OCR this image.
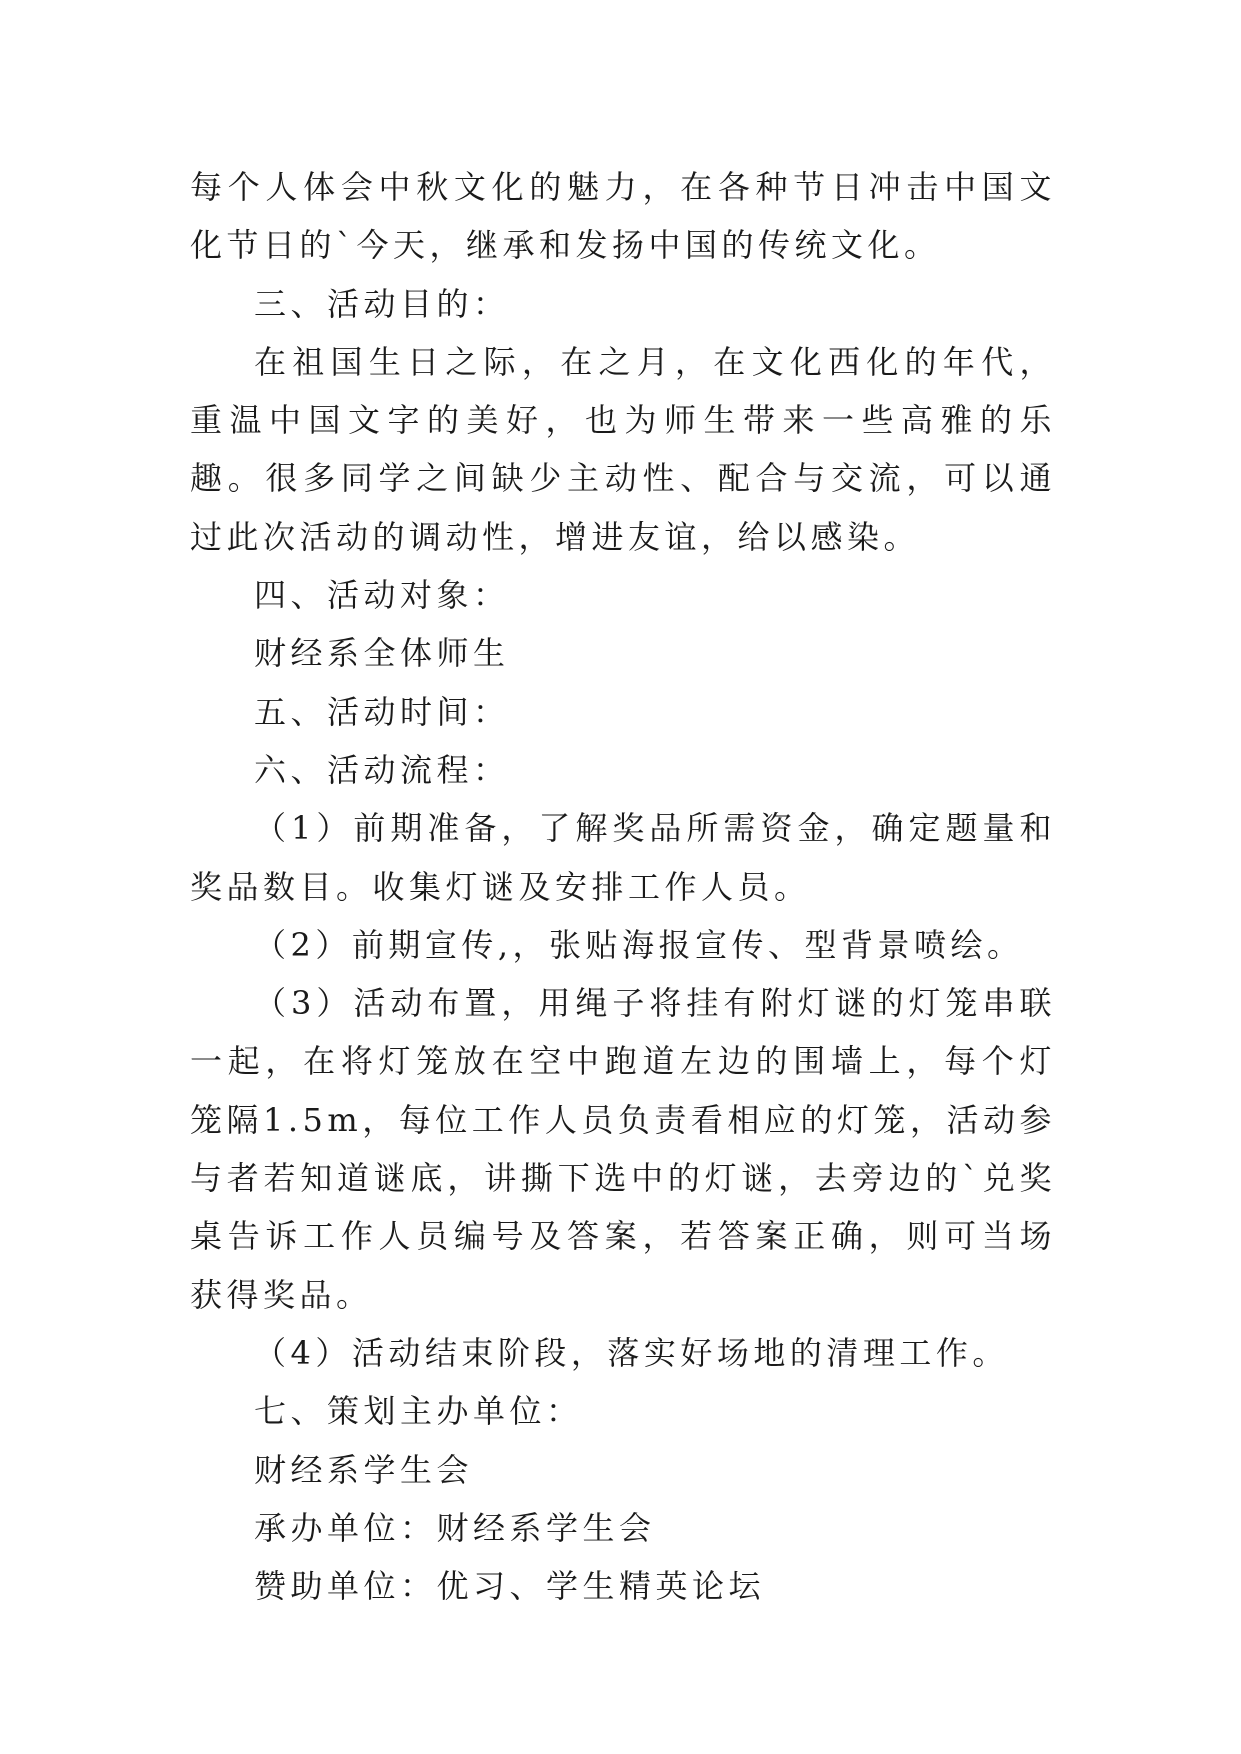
每个人体会中秋文化的魅力，在各种节日冲击中国文化节日的`今天，继承和发扬中国的传统文化。

三、活动目的：

在祖国生日之际，在之月，在文化西化的年代，重温中国文字的美好，也为师生带来一些高雅的乐趣。很多同学之间缺少主动性、配合与交流，可以通过此次活动的调动性，增进友谊，给以感染。

四、活动对象：

财经系全体师生

五、活动时间：

六、活动流程：

（1）前期准备，了解奖品所需资金，确定题量和奖品数目。收集灯谜及安排工作人员。

（2）前期宣传,，张贴海报宣传、型背景喷绘。

（3）活动布置，用绳子将挂有附灯谜的灯笼串联一起，在将灯笼放在空中跑道左边的围墙上，每个灯笼隔1.5m，每位工作人员负责看相应的灯笼，活动参与者若知道谜底，讲撕下选中的灯谜，去旁边的`兑奖桌告诉工作人员编号及答案，若答案正确，则可当场获得奖品。

（4）活动结束阶段，落实好场地的清理工作。

七、策划主办单位：

财经系学生会

承办单位：财经系学生会

赞助单位：优习、学生精英论坛
